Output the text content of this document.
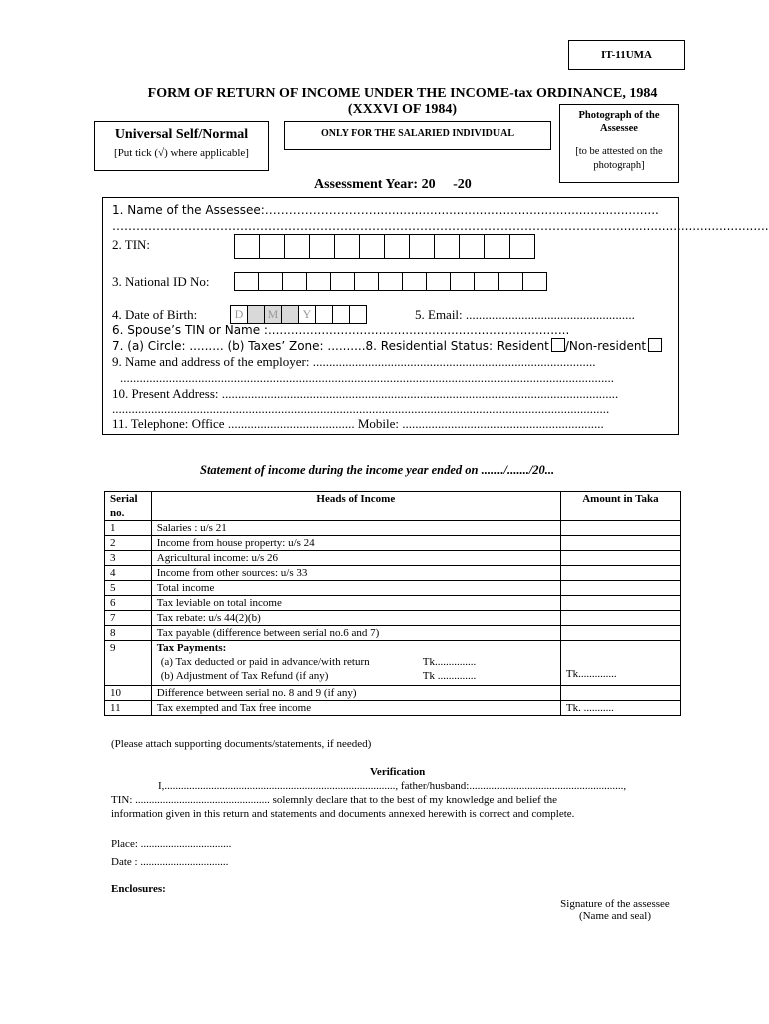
IT-11UMA
FORM OF RETURN OF INCOME UNDER THE INCOME-tax ORDINANCE, 1984
(XXXVI OF 1984)
Universal Self/Normal
[Put tick (√) where applicable]
ONLY FOR THE SALARIED INDIVIDUAL
Photograph of the Assessee
[to be attested on the photograph]
Assessment Year: 20     -20
1. Name of the Assessee:………………………...........................................................................
………………………………………………………………………………………………………………........................................
2. TIN:
3. National ID No:
4. Date of Birth:	D	M	Y	5. Email: ....................................................
6. Spouse’s TIN or Name :...............................................................................
7. (a) Circle: ......... (b) Taxes’ Zone: ..........8. Residential Status: Resident /Non-resident
9. Name and address of the employer: .......................................................................................
........................................................................................................................................................
10. Present Address: ..........................................................................................................................
.........................................................................................................................................................
11. Telephone: Office ....................................... Mobile: ..............................................................
Statement of income during the income year ended on ......./......./20...
Serial no.	Heads of Income	Amount in Taka
1	Salaries : u/s 21	
2	Income from house property: u/s 24	
3	Agricultural income: u/s 26	
4	Income from other sources: u/s 33	
5	Total income	
6	Tax leviable on total income	
7	Tax rebate: u/s 44(2)(b)	
8	Tax payable (difference between serial no.6 and 7)	
9	Tax Payments:
(a) Tax deducted or paid in advance/with return Tk...............
(b) Adjustment of Tax Refund (if any) Tk ..............	Tk..............
10	Difference between serial no. 8 and 9 (if any)	
11	Tax exempted and Tax free income	Tk. ...........
(Please attach supporting documents/statements, if needed)
Verification
I,...................................................................................., father/husband:........................................................,
TIN: ................................................. solemnly declare that to the best of my knowledge and belief the
information given in this return and statements and documents annexed herewith is correct and complete.
Place: .................................
Date : ................................
Enclosures:
Signature of the assessee
(Name and seal)
